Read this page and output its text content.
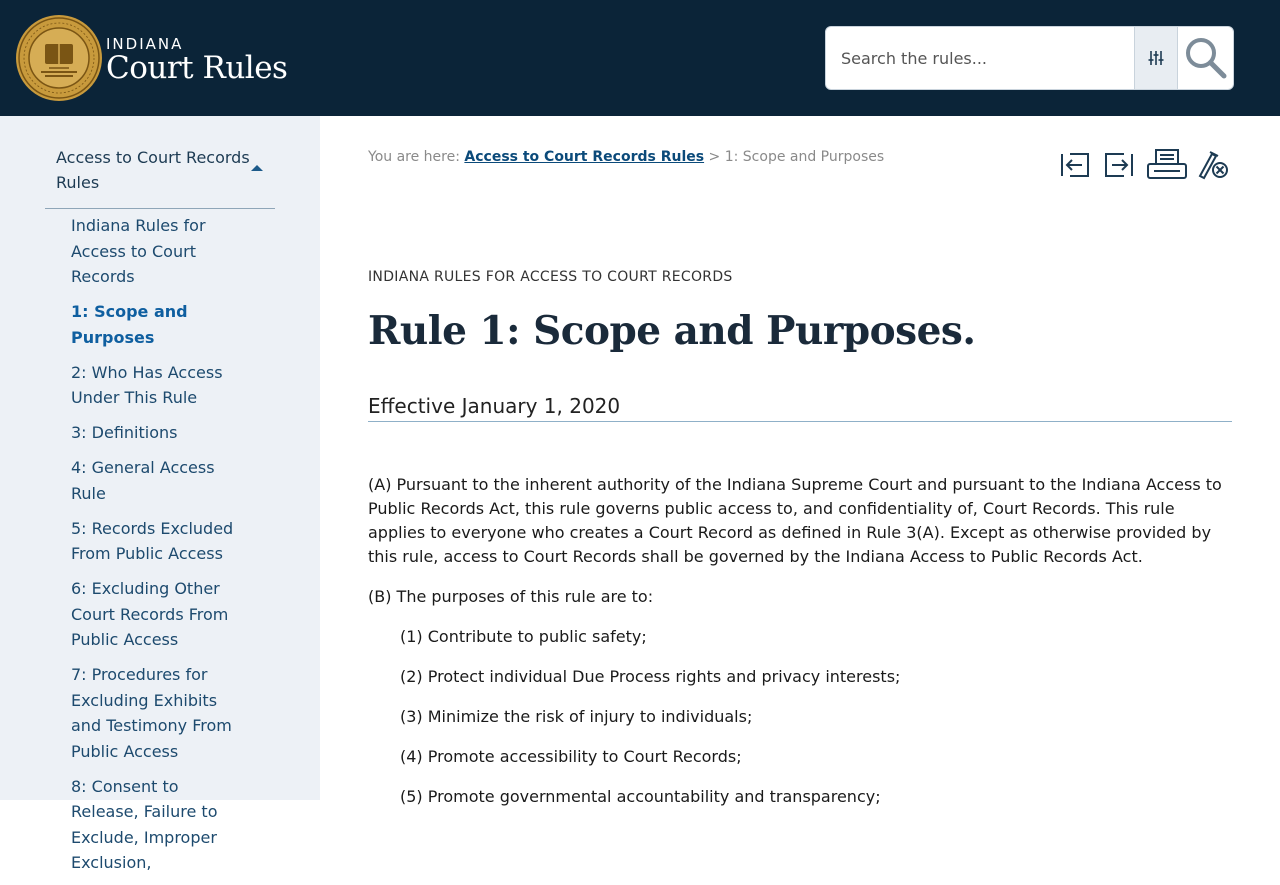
INDIANA
Court Rules
Search the rules...
Access to Court Records Rules
Indiana Rules for Access to Court Records
1: Scope and Purposes
2: Who Has Access Under This Rule
3: Definitions
4: General Access Rule
5: Records Excluded From Public Access
6: Excluding Other Court Records From Public Access
7: Procedures for Excluding Exhibits and Testimony From Public Access
8: Consent to Release, Failure to Exclude, Improper Exclusion,
You are here: Access to Court Records Rules > 1: Scope and Purposes
INDIANA RULES FOR ACCESS TO COURT RECORDS
Rule 1: Scope and Purposes.
Effective January 1, 2020

(A) Pursuant to the inherent authority of the Indiana Supreme Court and pursuant to the Indiana Access to Public Records Act, this rule governs public access to, and confidentiality of, Court Records. This rule applies to everyone who creates a Court Record as defined in Rule 3(A). Except as otherwise provided by this rule, access to Court Records shall be governed by the Indiana Access to Public Records Act.

(B) The purposes of this rule are to:

(1) Contribute to public safety;

(2) Protect individual Due Process rights and privacy interests;

(3) Minimize the risk of injury to individuals;

(4) Promote accessibility to Court Records;

(5) Promote governmental accountability and transparency;
